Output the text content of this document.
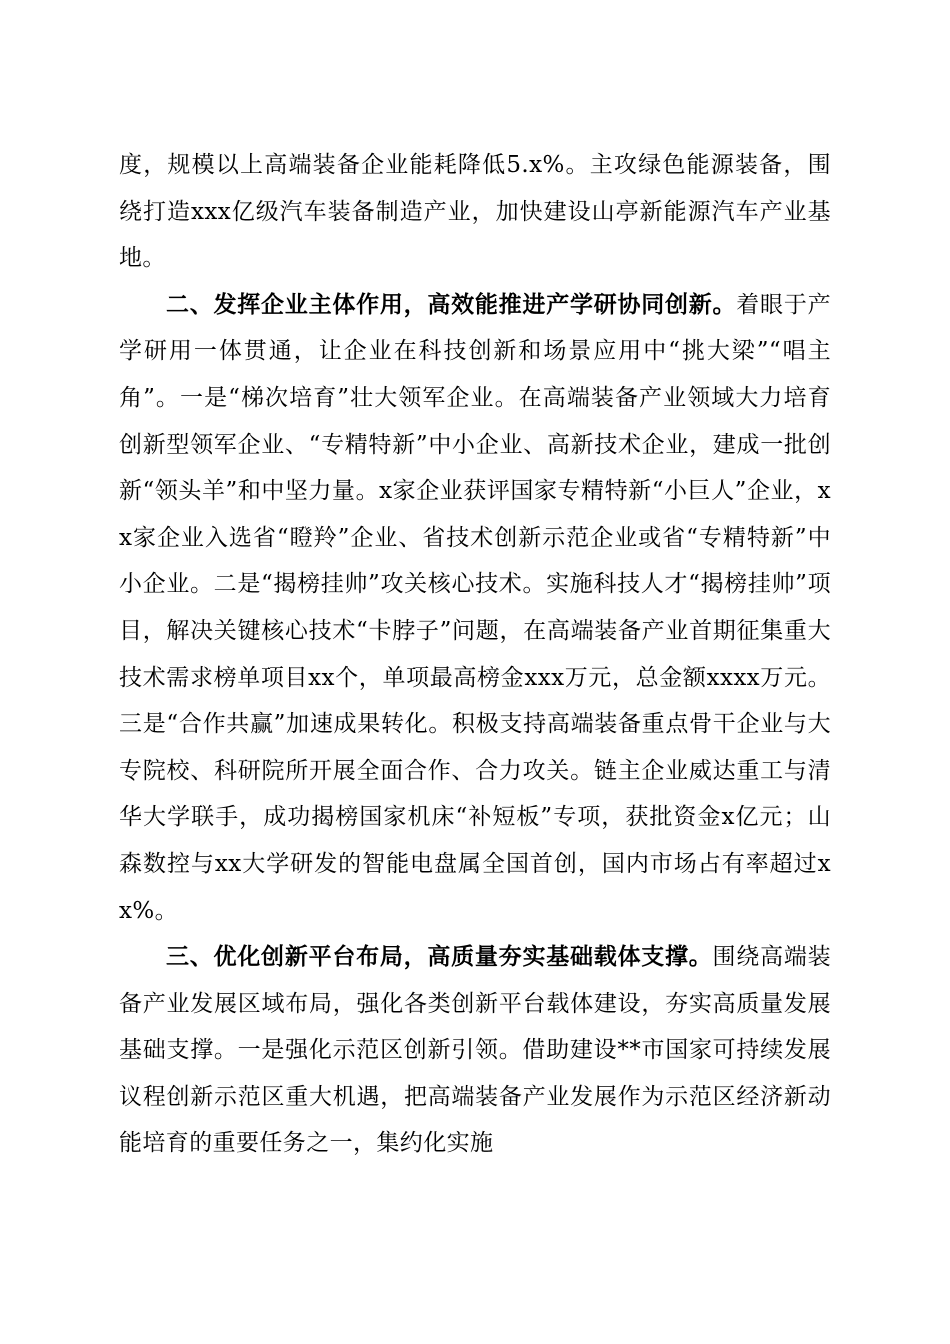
度，规模以上高端装备企业能耗降低5.x%。主攻绿色能源装备，围绕打造xxx亿级汽车装备制造产业，加快建设山亭新能源汽车产业基地。

二、发挥企业主体作用，高效能推进产学研协同创新。着眼于产学研用一体贯通，让企业在科技创新和场景应用中“挑大梁”“唱主角”。一是“梯次培育”壮大领军企业。在高端装备产业领域大力培育创新型领军企业、“专精特新”中小企业、高新技术企业，建成一批创新“领头羊”和中坚力量。x家企业获评国家专精特新“小巨人”企业，xx家企业入选省“瞪羚”企业、省技术创新示范企业或省“专精特新”中小企业。二是“揭榜挂帅”攻关核心技术。实施科技人才“揭榜挂帅”项目，解决关键核心技术“卡脖子”问题，在高端装备产业首期征集重大技术需求榜单项目xx个，单项最高榜金xxx万元，总金额xxxx万元。三是“合作共赢”加速成果转化。积极支持高端装备重点骨干企业与大专院校、科研院所开展全面合作、合力攻关。链主企业威达重工与清华大学联手，成功揭榜国家机床“补短板”专项，获批资金x亿元；山森数控与xx大学研发的智能电盘属全国首创，国内市场占有率超过xx%。

三、优化创新平台布局，高质量夯实基础载体支撑。围绕高端装备产业发展区域布局，强化各类创新平台载体建设，夯实高质量发展基础支撑。一是强化示范区创新引领。借助建设**市国家可持续发展议程创新示范区重大机遇，把高端装备产业发展作为示范区经济新动能培育的重要任务之一，集约化实施
